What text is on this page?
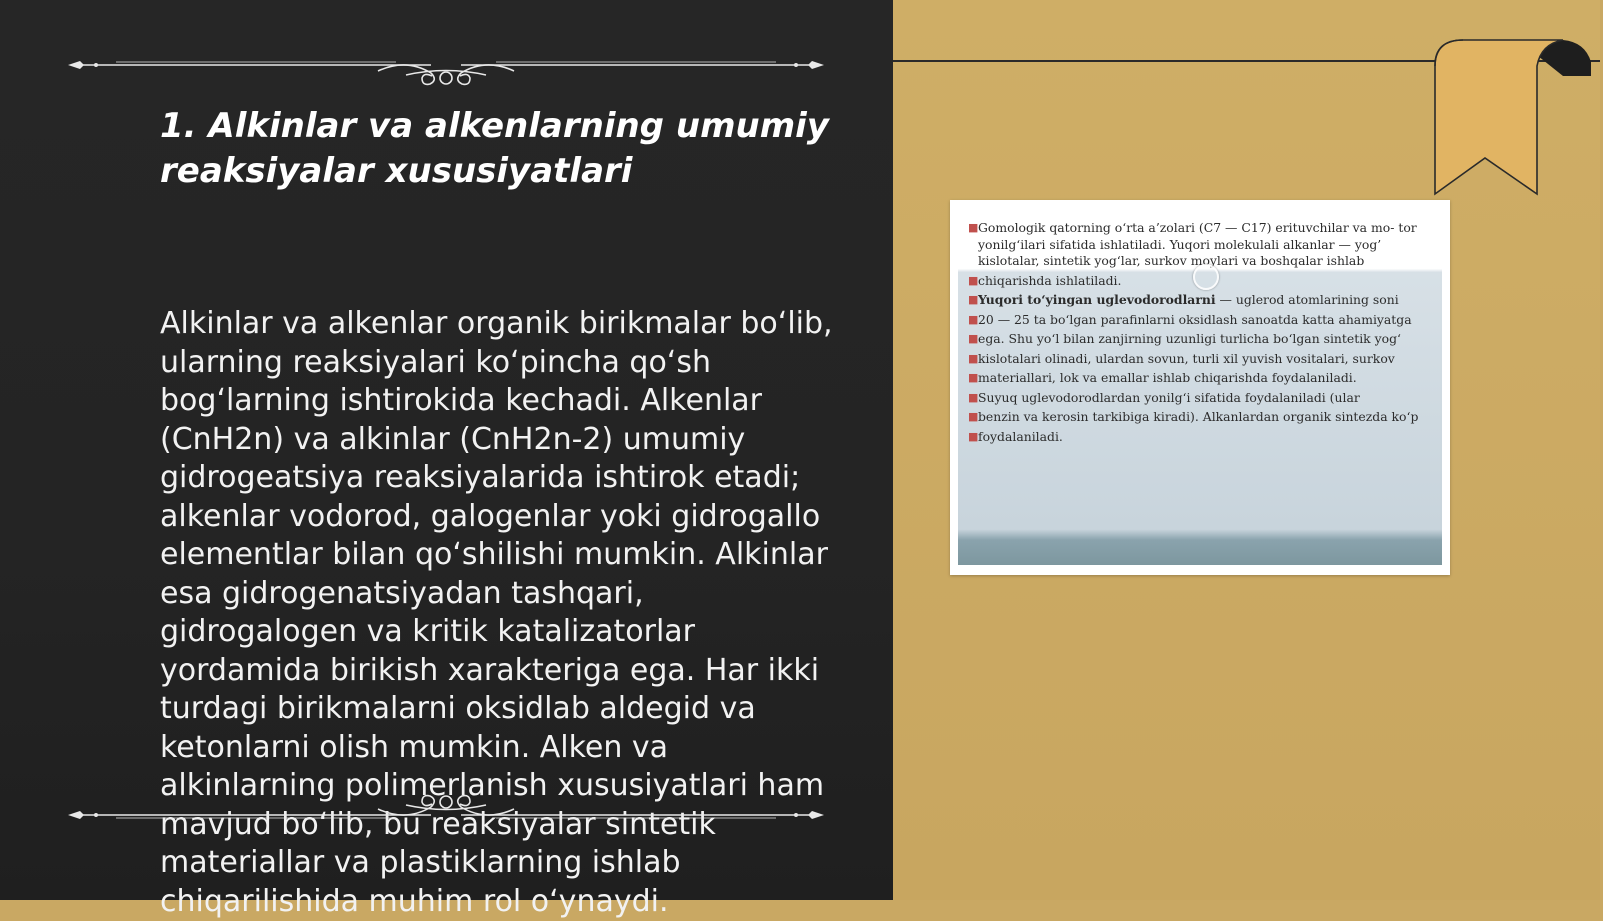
1. Alkinlar va alkenlarning umumiy reaksiyalar xususiyatlari

Alkinlar va alkenlar organik birikmalar bo‘lib, ularning reaksiyalari ko‘pincha qo‘sh bog‘larning ishtirokida kechadi. Alkenlar (CnH2n) va alkinlar (CnH2n-2) umumiy gidrogeatsiya reaksiyalarida ishtirok etadi; alkenlar vodorod, galogenlar yoki gidrogallo elementlar bilan qo‘shilishi mumkin. Alkinlar esa gidrogenatsiyadan tashqari, gidrogalogen va kritik katalizatorlar yordamida birikish xarakteriga ega. Har ikki turdagi birikmalarni oksidlab aldegid va ketonlarni olish mumkin. Alken va alkinlarning polimerlanish xususiyatlari ham mavjud bo‘lib, bu reaksiyalar sintetik materiallar va plastiklarning ishlab chiqarilishida muhim rol o‘ynaydi.

■ Gomologik qatorning o‘rta a’zolari (C7 — C17) erituvchilar va mo- tor yonilg‘ilari sifatida ishlatiladi. Yuqori molekulali alkanlar — yog’ kislotalar, sintetik yog‘lar, surkov moylari va boshqalar ishlab
■ chiqarishda ishlatiladi.
■ Yuqori to‘yingan uglevodorodlarni — uglerod atomlarining soni
■ 20 — 25 ta bo‘lgan parafinlarni oksidlash sanoatda katta ahamiyatga
■ ega. Shu yo‘l bilan zanjirning uzunligi turlicha bo‘lgan sintetik yog‘
■ kislotalari olinadi, ulardan sovun, turli xil yuvish vositalari, surkov
■ materiallari, lok va emallar ishlab chiqarishda foydalaniladi.
■ Suyuq uglevodorodlardan yonilg‘i sifatida foydalaniladi (ular
■ benzin va kerosin tarkibiga kiradi). Alkanlardan organik sintezda ko‘p
■ foydalaniladi.
